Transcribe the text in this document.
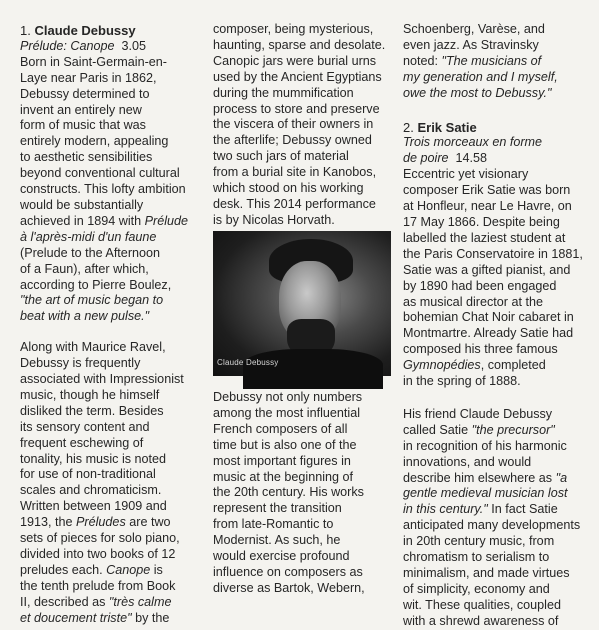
1. Claude Debussy

Prélude: Canope 3.05

Born in Saint-Germain-en-
Laye near Paris in 1862,
Debussy determined to
invent an entirely new
form of music that was
entirely modern, appealing
to aesthetic sensibilities
beyond conventional cultural
constructs. This lofty ambition
would be substantially
achieved in 1894 with Prélude
à l'après-midi d'un faune
(Prelude to the Afternoon
of a Faun), after which,
according to Pierre Boulez,
"the art of music began to
beat with a new pulse."

Along with Maurice Ravel,
Debussy is frequently
associated with Impressionist
music, though he himself
disliked the term. Besides
its sensory content and
frequent eschewing of
tonality, his music is noted
for use of non-traditional
scales and chromaticism.
Written between 1909 and
1913, the Préludes are two
sets of pieces for solo piano,
divided into two books of 12
preludes each. Canope is
the tenth prelude from Book
II, described as "très calme
et doucement triste" by the

composer, being mysterious,
haunting, sparse and desolate.
Canopic jars were burial urns
used by the Ancient Egyptians
during the mummification
process to store and preserve
the viscera of their owners in
the afterlife; Debussy owned
two such jars of material
from a burial site in Kanobos,
which stood on his working
desk. This 2014 performance
is by Nicolas Horvath.

Claude Debussy

Debussy not only numbers
among the most influential
French composers of all
time but is also one of the
most important figures in
music at the beginning of
the 20th century. His works
represent the transition
from late-Romantic to
Modernist. As such, he
would exercise profound
influence on composers as
diverse as Bartok, Webern,

Schoenberg, Varèse, and
even jazz. As Stravinsky
noted: "The musicians of
my generation and I myself,
owe the most to Debussy."

2. Erik Satie

Trois morceaux en forme
de poire 14.58

Eccentric yet visionary
composer Erik Satie was born
at Honfleur, near Le Havre, on
17 May 1866. Despite being
labelled the laziest student at
the Paris Conservatoire in 1881,
Satie was a gifted pianist, and
by 1890 had been engaged
as musical director at the
bohemian Chat Noir cabaret in
Montmartre. Already Satie had
composed his three famous
Gymnopédies, completed
in the spring of 1888.

His friend Claude Debussy
called Satie "the precursor"
in recognition of his harmonic
innovations, and would
describe him elsewhere as "a
gentle medieval musician lost
in this century." In fact Satie
anticipated many developments
in 20th century music, from
chromatism to serialism to
minimalism, and made virtues
of simplicity, economy and
wit. These qualities, coupled
with a shrewd awareness of
